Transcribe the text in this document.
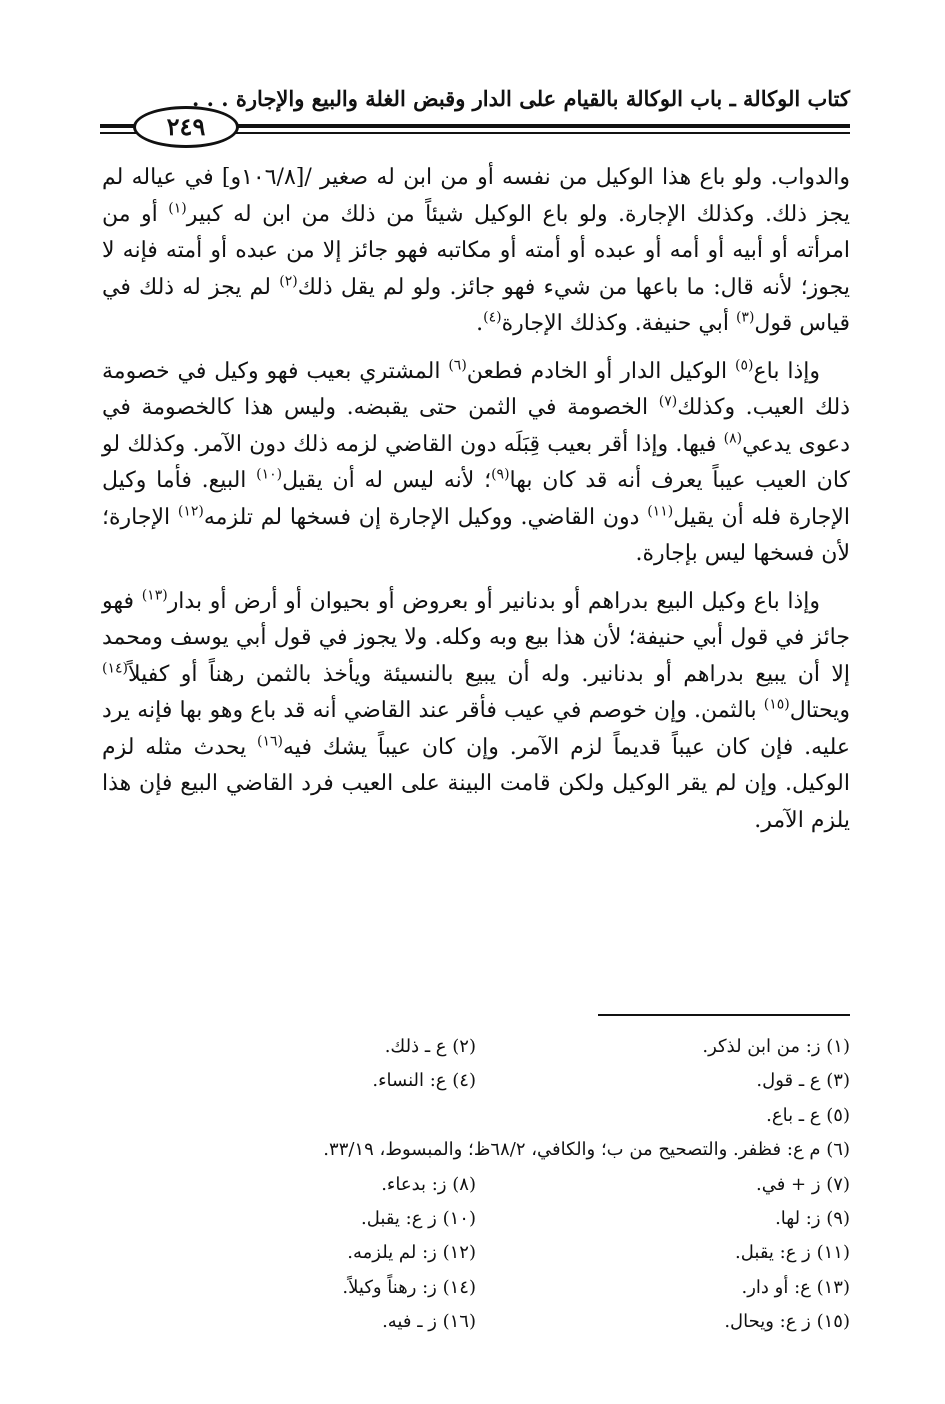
كتاب الوكالة ـ باب الوكالة بالقيام على الدار وقبض الغلة والبيع والإجارة . . .
٢٤٩

والدواب. ولو باع هذا الوكيل من نفسه أو من ابن له صغير /[١٠٦/٨و] في عياله لم يجز ذلك. وكذلك الإجارة. ولو باع الوكيل شيئاً من ذلك من ابن له كبير$^{(١)}$ أو من امرأته أو أبيه أو أمه أو عبده أو أمته أو مكاتبه فهو جائز إلا من عبده أو أمته فإنه لا يجوز؛ لأنه قال: ما باعها من شيء فهو جائز. ولو لم يقل ذلك$^{(٢)}$ لم يجز له ذلك في قياس قول$^{(٣)}$ أبي حنيفة. وكذلك الإجارة$^{(٤)}$.

وإذا باع$^{(٥)}$ الوكيل الدار أو الخادم فطعن$^{(٦)}$ المشتري بعيب فهو وكيل في خصومة ذلك العيب. وكذلك$^{(٧)}$ الخصومة في الثمن حتى يقبضه. وليس هذا كالخصومة في دعوى يدعي$^{(٨)}$ فيها. وإذا أقر بعيب قِبَلَه دون القاضي لزمه ذلك دون الآمر. وكذلك لو كان العيب عيباً يعرف أنه قد كان بها$^{(٩)}$؛ لأنه ليس له أن يقيل$^{(١٠)}$ البيع. فأما وكيل الإجارة فله أن يقيل$^{(١١)}$ دون القاضي. ووكيل الإجارة إن فسخها لم تلزمه$^{(١٢)}$ الإجارة؛ لأن فسخها ليس بإجارة.

وإذا باع وكيل البيع بدراهم أو بدنانير أو بعروض أو بحيوان أو أرض أو بدار$^{(١٣)}$ فهو جائز في قول أبي حنيفة؛ لأن هذا بيع وبه وكله. ولا يجوز في قول أبي يوسف ومحمد إلا أن يبيع بدراهم أو بدنانير. وله أن يبيع بالنسيئة ويأخذ بالثمن رهناً أو كفيلاً$^{(١٤)}$ ويحتال$^{(١٥)}$ بالثمن. وإن خوصم في عيب فأقر عند القاضي أنه قد باع وهو بها فإنه يرد عليه. فإن كان عيباً قديماً لزم الآمر. وإن كان عيباً يشك فيه$^{(١٦)}$ يحدث مثله لزم الوكيل. وإن لم يقر الوكيل ولكن قامت البينة على العيب فرد القاضي البيع فإن هذا يلزم الآمر.

(١) ز: من ابن لذكر.
(٢) ع ـ ذلك.
(٣) ع ـ قول.
(٤) ع: النساء.
(٥) ع ـ باع.
(٦) م ع: فظفر. والتصحيح من ب؛ والكافي، ٦٨/٢ظ؛ والمبسوط، ٣٣/١٩.
(٧) ز + في.
(٨) ز: بدعاء.
(٩) ز: لها.
(١٠) ز ع: يقبل.
(١١) ز ع: يقبل.
(١٢) ز: لم يلزمه.
(١٣) ع: أو دار.
(١٤) ز: رهناً وكيلاً.
(١٥) ز ع: ويحال.
(١٦) ز ـ فيه.
